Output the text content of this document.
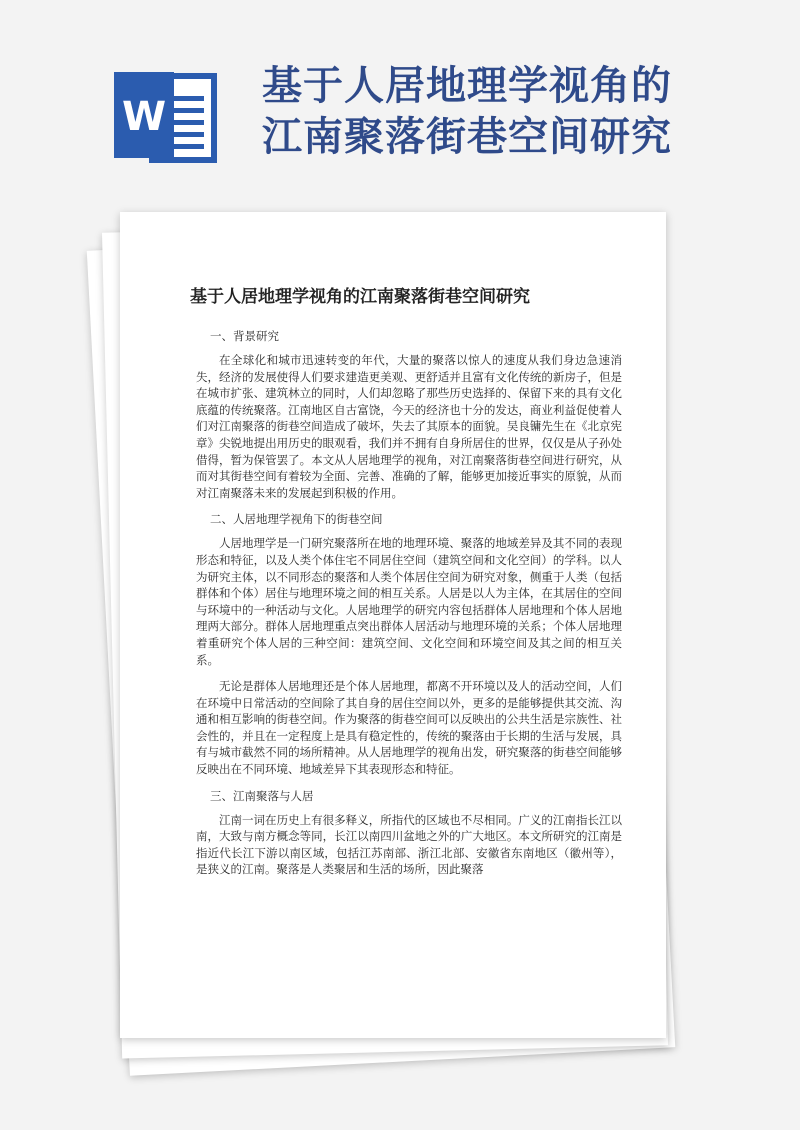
W
基于人居地理学视角的
江南聚落街巷空间研究
基于人居地理学视角的江南聚落街巷空间研究
一、背景研究

在全球化和城市迅速转变的年代，大量的聚落以惊人的速度从我们身边急速消失，经济的发展使得人们要求建造更美观、更舒适并且富有文化传统的新房子，但是在城市扩张、建筑林立的同时，人们却忽略了那些历史选择的、保留下来的具有文化底蕴的传统聚落。江南地区自古富饶，今天的经济也十分的发达，商业利益促使着人们对江南聚落的街巷空间造成了破坏，失去了其原本的面貌。吴良镛先生在《北京宪章》尖锐地提出用历史的眼观看，我们并不拥有自身所居住的世界，仅仅是从子孙处借得，暂为保管罢了。本文从人居地理学的视角，对江南聚落街巷空间进行研究，从而对其街巷空间有着较为全面、完善、准确的了解，能够更加接近事实的原貌，从而对江南聚落未来的发展起到积极的作用。

二、人居地理学视角下的街巷空间

人居地理学是一门研究聚落所在地的地理环境、聚落的地域差异及其不同的表现形态和特征，以及人类个体住宅不同居住空间（建筑空间和文化空间）的学科。以人为研究主体，以不同形态的聚落和人类个体居住空间为研究对象，侧重于人类（包括群体和个体）居住与地理环境之间的相互关系。人居是以人为主体，在其居住的空间与环境中的一种活动与文化。人居地理学的研究内容包括群体人居地理和个体人居地理两大部分。群体人居地理重点突出群体人居活动与地理环境的关系；个体人居地理着重研究个体人居的三种空间：建筑空间、文化空间和环境空间及其之间的相互关系。

无论是群体人居地理还是个体人居地理，都离不开环境以及人的活动空间，人们在环境中日常活动的空间除了其自身的居住空间以外，更多的是能够提供其交流、沟通和相互影响的街巷空间。作为聚落的街巷空间可以反映出的公共生活是宗族性、社会性的，并且在一定程度上是具有稳定性的，传统的聚落由于长期的生活与发展，具有与城市截然不同的场所精神。从人居地理学的视角出发，研究聚落的街巷空间能够反映出在不同环境、地域差异下其表现形态和特征。

三、江南聚落与人居

江南一词在历史上有很多释义，所指代的区域也不尽相同。广义的江南指长江以南，大致与南方概念等同，长江以南四川盆地之外的广大地区。本文所研究的江南是指近代长江下游以南区域，包括江苏南部、浙江北部、安徽省东南地区（徽州等），是狭义的江南。聚落是人类聚居和生活的场所，因此聚落
